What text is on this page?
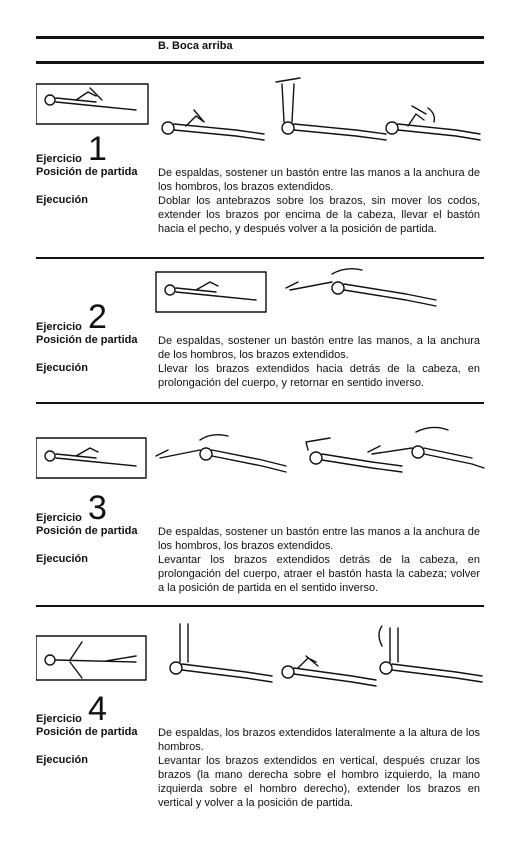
B. Boca arriba
Ejercicio 1
Posición de partida De espaldas, sostener un bastón entre las manos a la anchura de los hombros, los brazos extendidos.
Ejecución	Doblar los antebrazos sobre los brazos, sin mover los codos, extender los brazos por encima de la cabeza, llevar el bastón hacia el pecho, y después volver a la posición de partida.
Ejercicio 2
Posición de partida De espaldas, sostener un bastón entre las manos, a la anchura de los hombros, los brazos extendidos.
Ejecución	Llevar los brazos extendidos hacia detrás de la cabeza, en prolongación del cuerpo, y retornar en sentido inverso.
Ejercicio 3
Posición de partida De espaldas, sostener un bastón entre las manos a la anchura de los hombros, los brazos extendidos.
Ejecución	Levantar los brazos extendidos detrás de la cabeza, en prolongación del cuerpo, atraer el bastón hasta la cabeza; volver a la posición de partida en el sentido inverso.
Ejercicio 4
Posición de partida De espaldas, los brazos extendidos lateralmente a la altura de los hombros.
Ejecución	Levantar los brazos extendidos en vertical, después cruzar los brazos (la mano derecha sobre el hombro izquierdo, la mano izquierda sobre el hombro derecho), extender los brazos en vertical y volver a la posición de partida.
